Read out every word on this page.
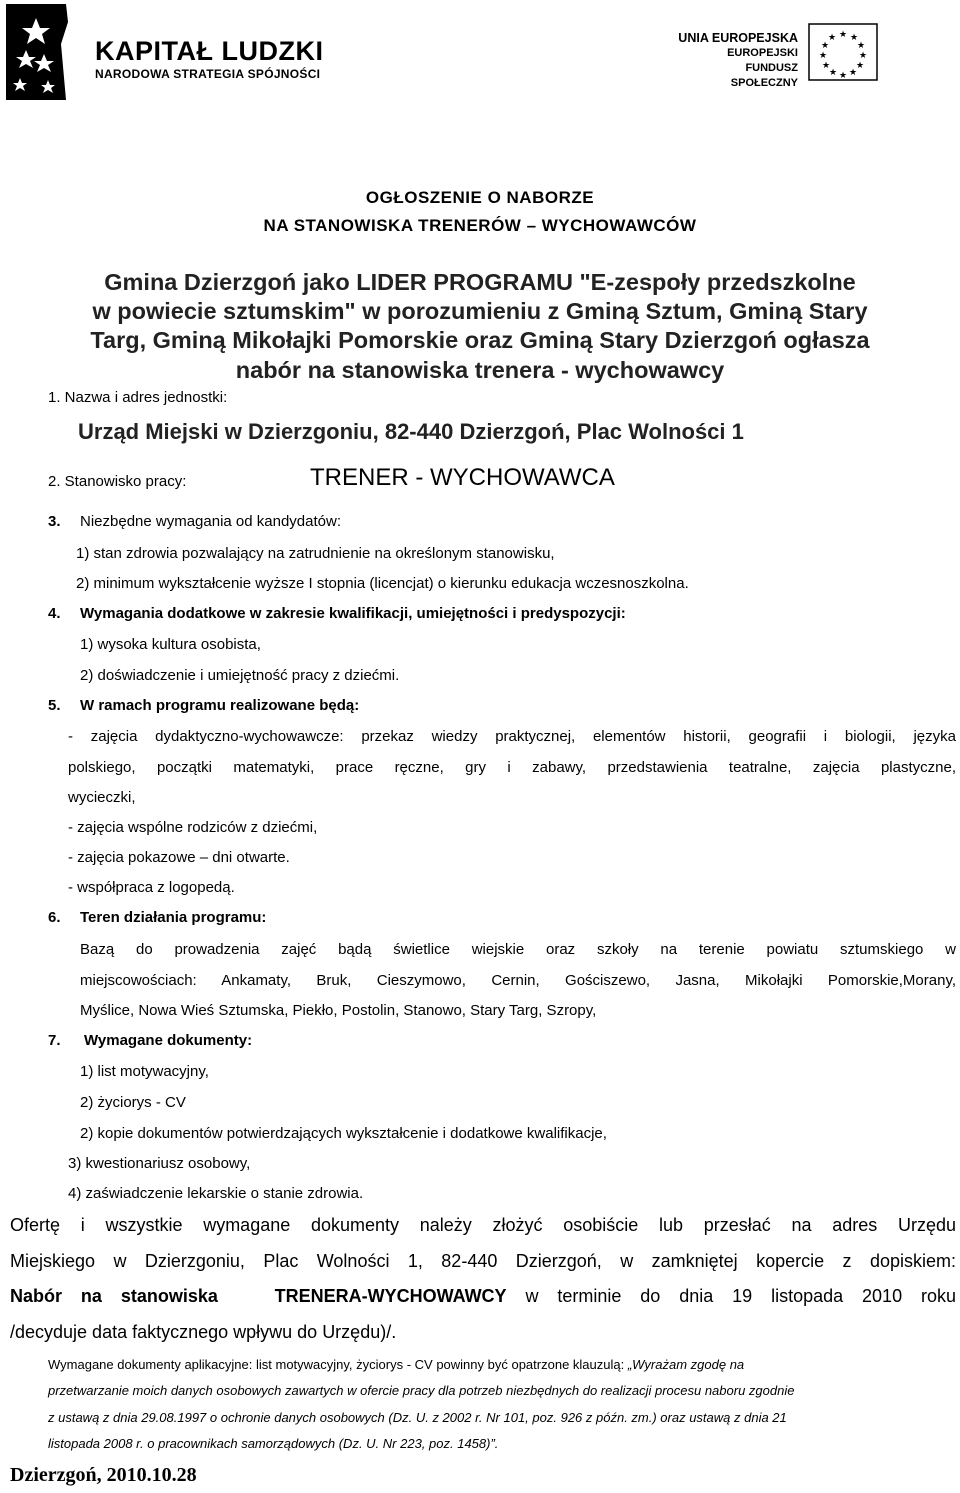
KAPITAŁ LUDZKI
NARODOWA STRATEGIA SPÓJNOŚCI
UNIA EUROPEJSKA
EUROPEJSKI
FUNDUSZ SPOŁECZNY
★ ★
★
★
★
★
★
★
★
★
★
★
OGŁOSZENIE O NABORZE
NA STANOWISKA TRENERÓW – WYCHOWAWCÓW
Gmina Dzierzgoń jako LIDER PROGRAMU "E-zespoły przedszkolne
w powiecie sztumskim" w porozumieniu z Gminą Sztum, Gminą Stary
Targ, Gminą Mikołajki Pomorskie oraz Gminą Stary Dzierzgoń ogłasza
nabór na stanowiska trenera - wychowawcy
1. Nazwa i adres jednostki:
Urząd Miejski w Dzierzgoniu, 82-440 Dzierzgoń, Plac Wolności 1
2. Stanowisko pracy:	TRENER - WYCHOWAWCA
3. Niezbędne wymagania od kandydatów:
1) stan zdrowia pozwalający na zatrudnienie na określonym stanowisku,
2) minimum wykształcenie wyższe I stopnia (licencjat) o kierunku edukacja wczesnoszkolna.
4. Wymagania dodatkowe w zakresie kwalifikacji, umiejętności i predyspozycji:
1) wysoka kultura osobista,
2) doświadczenie i umiejętność pracy z dziećmi.
5. W ramach programu realizowane będą:
- zajęcia dydaktyczno-wychowawcze: przekaz wiedzy praktycznej, elementów historii, geografii i biologii, języka
polskiego, początki matematyki, prace ręczne, gry i zabawy, przedstawienia teatralne, zajęcia plastyczne,
wycieczki,
- zajęcia wspólne rodziców z dziećmi,
- zajęcia pokazowe – dni otwarte.
- współpraca z logopedą.
6. Teren działania programu:
Bazą do prowadzenia zajęć bądą świetlice wiejskie oraz szkoły na terenie powiatu sztumskiego w
miejscowościach: Ankamaty, Bruk, Cieszymowo, Cernin, Gościszewo, Jasna, Mikołajki Pomorskie,Morany,
Myślice, Nowa Wieś Sztumska, Piekło, Postolin, Stanowo, Stary Targ, Szropy,
7. Wymagane dokumenty:
1) list motywacyjny,
2) życiorys - CV
2) kopie dokumentów potwierdzających wykształcenie i dodatkowe kwalifikacje,
3) kwestionariusz osobowy,
4) zaświadczenie lekarskie o stanie zdrowia.
Ofertę i wszystkie wymagane dokumenty należy złożyć osobiście lub przesłać na adres Urzędu
Miejskiego w Dzierzgoniu, Plac Wolności 1, 82-440 Dzierzgoń, w zamkniętej kopercie z dopiskiem:
Nabór na stanowiska	TRENERA-WYCHOWAWCY w terminie do dnia 19 listopada 2010 roku
/decyduje data faktycznego wpływu do Urzędu)/.
Wymagane dokumenty aplikacyjne: list motywacyjny, życiorys - CV powinny być opatrzone klauzulą: „Wyrażam zgodę na
przetwarzanie moich danych osobowych zawartych w ofercie pracy dla potrzeb niezbędnych do realizacji procesu naboru zgodnie
z ustawą z dnia 29.08.1997 o ochronie danych osobowych (Dz. U. z 2002 r. Nr 101, poz. 926 z późn. zm.) oraz ustawą z dnia 21
listopada 2008 r. o pracownikach samorządowych (Dz. U. Nr 223, poz. 1458)”.
Dzierzgoń, 2010.10.28
